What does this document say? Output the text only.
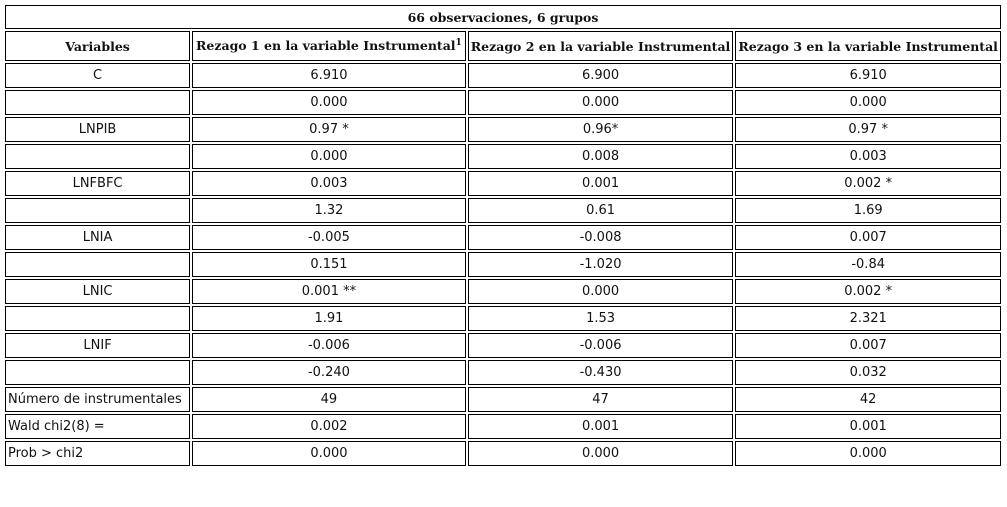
66 observaciones, 6 grupos			
Variables	Rezago 1 en la variable Instrumental$^1$	Rezago 2 en la variable Instrumental	Rezago 3 en la variable Instrumental
C	6.910	6.900	6.910
	0.000	0.000	0.000
LNPIB	0.97 *	0.96*	0.97 *
	0.000	0.008	0.003
LNFBFC	0.003	0.001	0.002 *
	1.32	0.61	1.69
LNIA	-0.005	-0.008	0.007
	0.151	-1.020	-0.84
LNIC	0.001 **	0.000	0.002 *
	1.91	1.53	2.321
LNIF	-0.006	-0.006	0.007
	-0.240	-0.430	0.032
Número de instrumentales	49	47	42
Wald chi2(8) =	0.002	0.001	0.001
Prob > chi2	0.000	0.000	0.000
